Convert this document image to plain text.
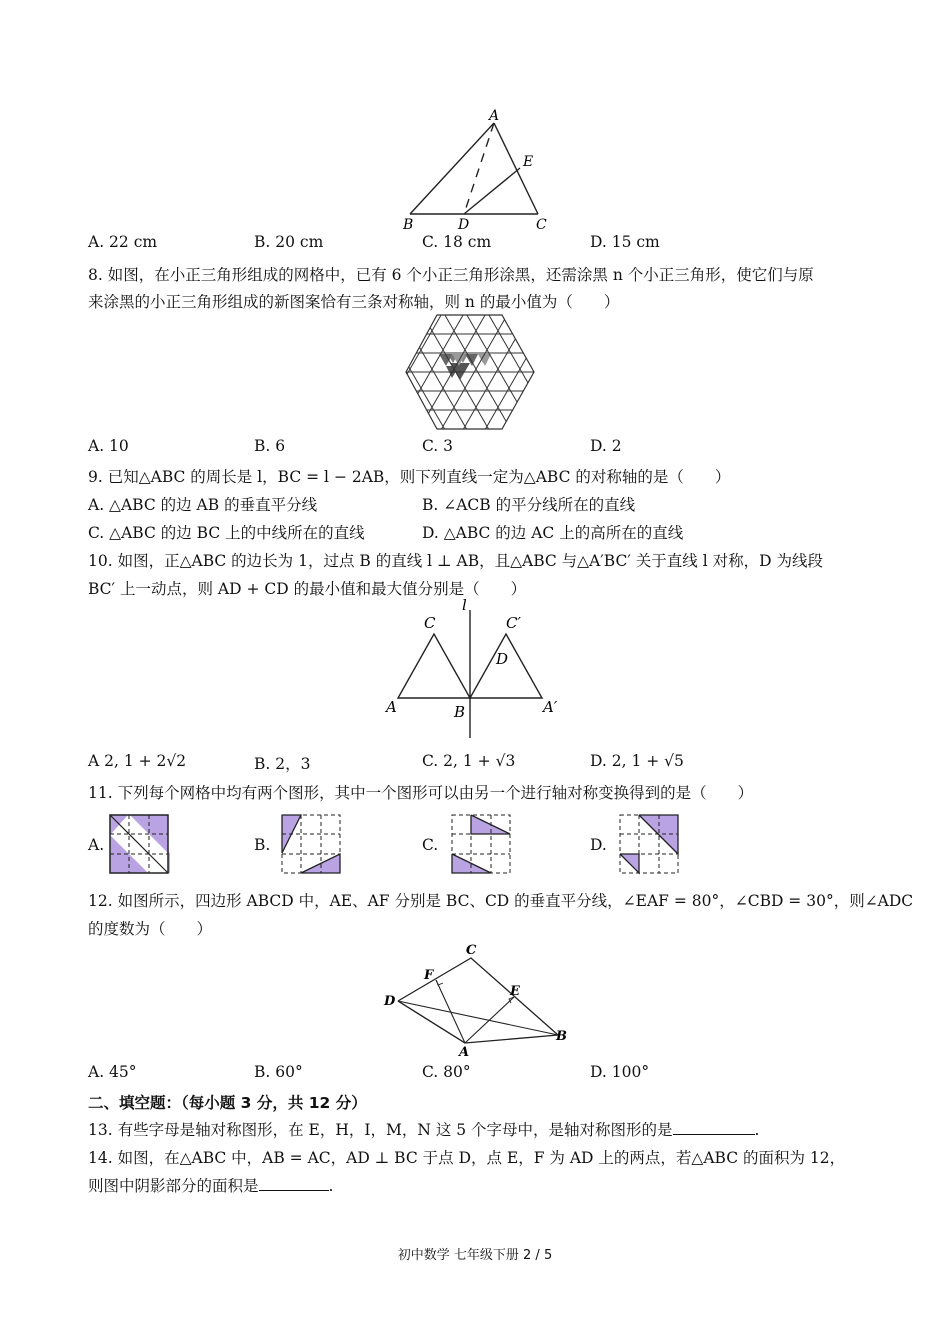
A
E
B	D	C
A. 22 cm	B. 20 cm	C. 18 cm	D. 15 cm
8. 如图，在小正三角形组成的网格中，已有 6 个小正三角形涂黑，还需涂黑 n 个小正三角形，使它们与原
来涂黑的小正三角形组成的新图案恰有三条对称轴，则 n 的最小值为（　　）
A. 10	B. 6	C. 3	D. 2
9. 已知△ABC 的周长是 l，BC = l − 2AB，则下列直线一定为△ABC 的对称轴的是（　　）
A. △ABC 的边 AB 的垂直平分线	B. ∠ACB 的平分线所在的直线
C. △ABC 的边 BC 上的中线所在的直线	D. △ABC 的边 AC 上的高所在的直线
10. 如图，正△ABC 的边长为 1，过点 B 的直线 l ⊥ AB，且△ABC 与△A′BC′ 关于直线 l 对称，D 为线段
BC′ 上一动点，则 AD + CD 的最小值和最大值分别是（　　）
l
C	C′
D
A	B	A′
A 2, 1 + 2√2	B. 2，3	C. 2, 1 + √3	D. 2, 1 + √5
11. 下列每个网格中均有两个图形，其中一个图形可以由另一个进行轴对称变换得到的是（　　）
A.	B.	C.	D.
12. 如图所示，四边形 ABCD 中，AE、AF 分别是 BC、CD 的垂直平分线，∠EAF = 80°，∠CBD = 30°，则∠ADC
的度数为（　　）
C
F
E
D
B
A
A. 45°	B. 60°	C. 80°	D. 100°
二、填空题：（每小题 3 分，共 12 分）
13. 有些字母是轴对称图形，在 E，H，I，M，N 这 5 个字母中，是轴对称图形的是	.
14. 如图，在△ABC 中，AB = AC，AD ⊥ BC 于点 D，点 E，F 为 AD 上的两点，若△ABC 的面积为 12，
则图中阴影部分的面积是	.
初中数学 七年级下册 2 / 5
